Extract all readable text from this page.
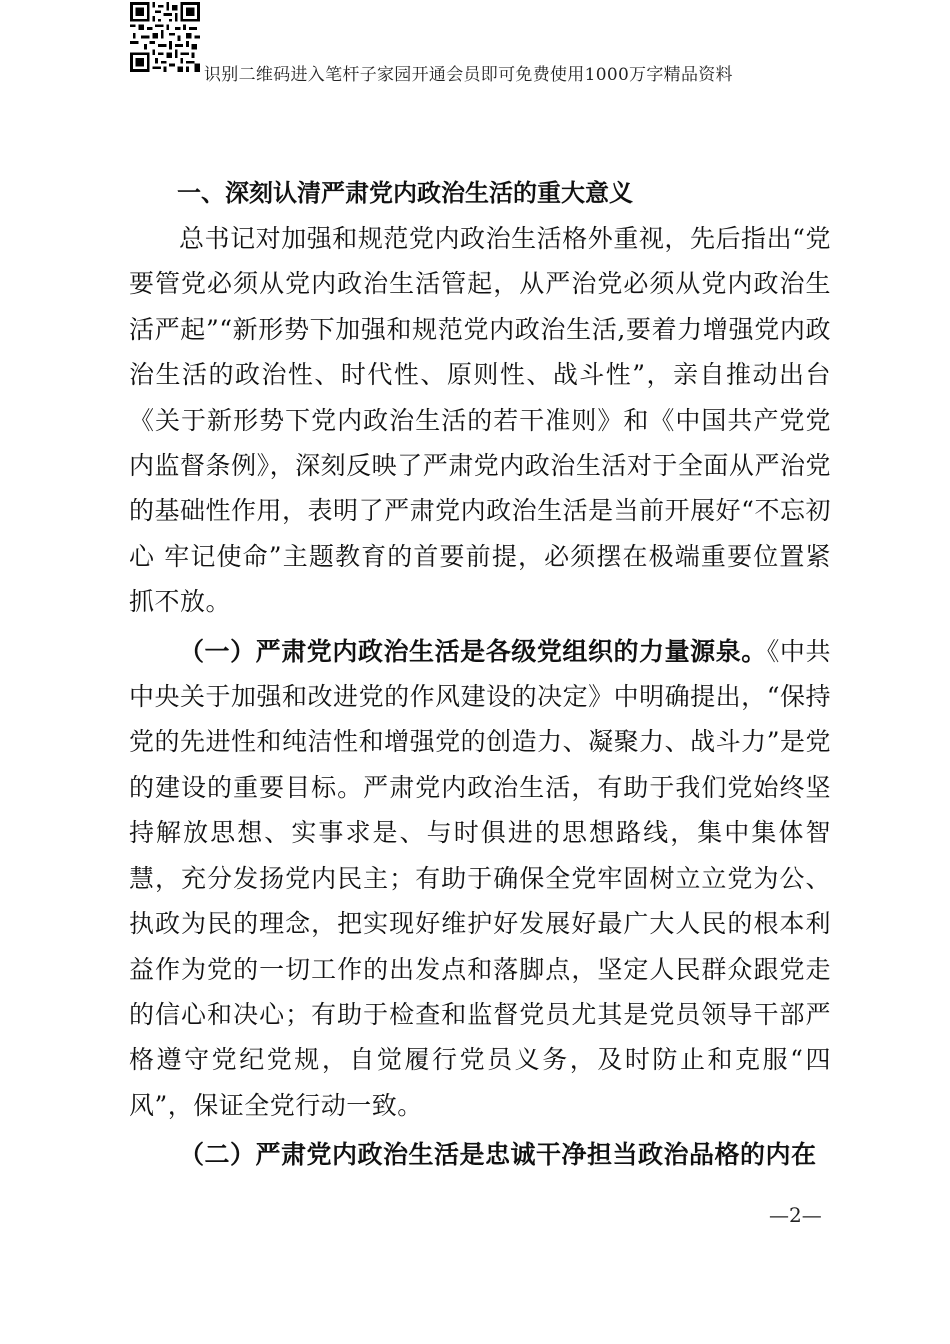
识别二维码进入笔杆子家园开通会员即可免费使用1000万字精品资料
一、深刻认清严肃党内政治生活的重大意义

总书记对加强和规范党内政治生活格外重视，先后指出“党要管党必须从党内政治生活管起，从严治党必须从党内政治生活严起”“新形势下加强和规范党内政治生活,要着力增强党内政治生活的政治性、时代性、原则性、战斗性”，亲自推动出台《关于新形势下党内政治生活的若干准则》和《中国共产党党内监督条例》，深刻反映了严肃党内政治生活对于全面从严治党的基础性作用，表明了严肃党内政治生活是当前开展好“不忘初心 牢记使命”主题教育的首要前提，必须摆在极端重要位置紧抓不放。

（一）严肃党内政治生活是各级党组织的力量源泉。《中共中央关于加强和改进党的作风建设的决定》中明确提出，“保持党的先进性和纯洁性和增强党的创造力、凝聚力、战斗力”是党的建设的重要目标。严肃党内政治生活，有助于我们党始终坚持解放思想、实事求是、与时俱进的思想路线，集中集体智慧，充分发扬党内民主；有助于确保全党牢固树立立党为公、执政为民的理念，把实现好维护好发展好最广大人民的根本利益作为党的一切工作的出发点和落脚点，坚定人民群众跟党走的信心和决心；有助于检查和监督党员尤其是党员领导干部严格遵守党纪党规，自觉履行党员义务，及时防止和克服“四风”，保证全党行动一致。

（二）严肃党内政治生活是忠诚干净担当政治品格的内在

—2—
